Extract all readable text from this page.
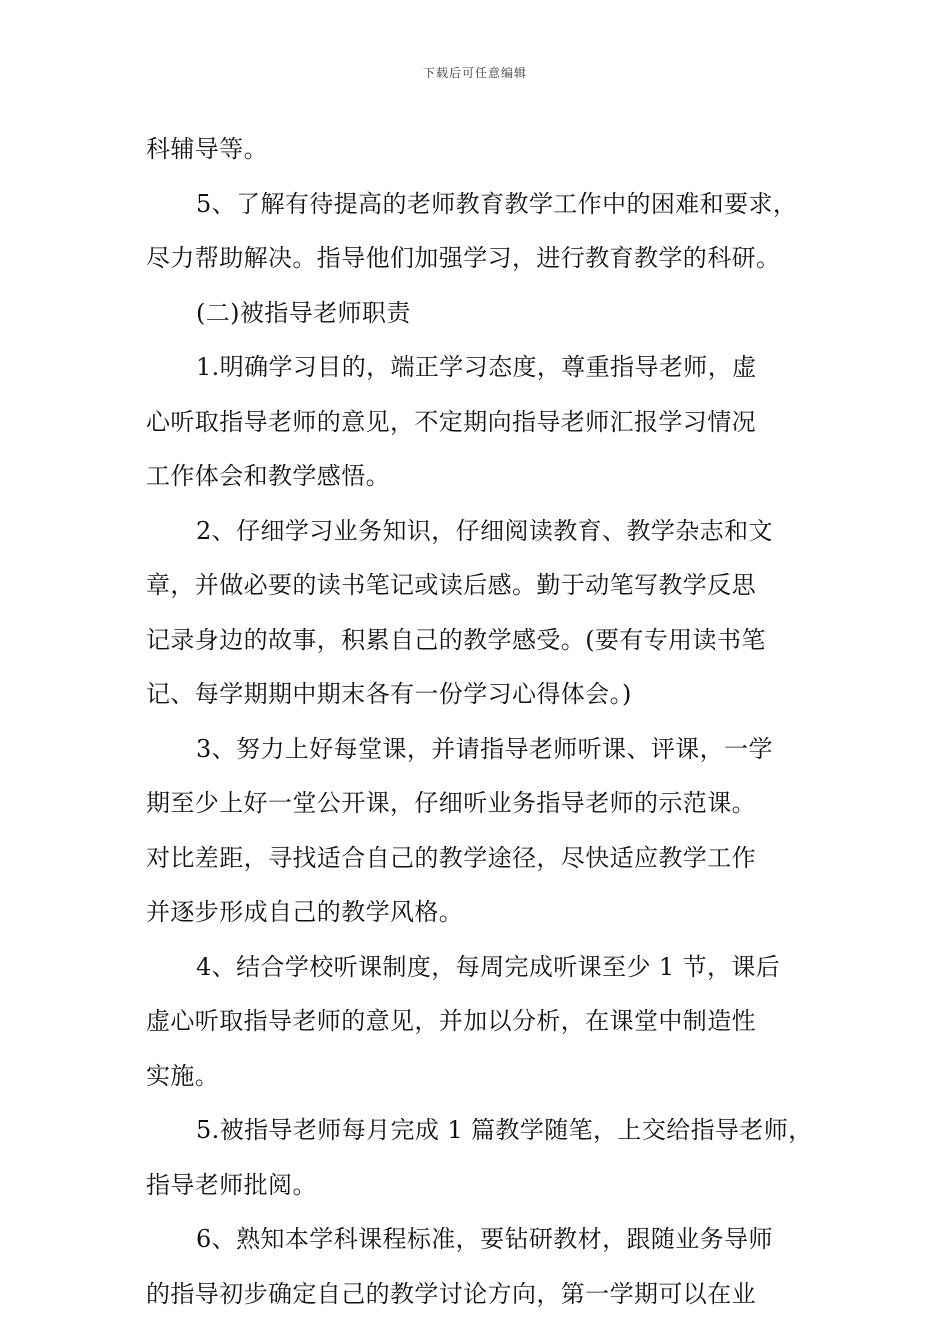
下载后可任意编辑
科辅导等。
5、了解有待提高的老师教育教学工作中的困难和要求，
尽力帮助解决。指导他们加强学习，进行教育教学的科研。
(二)被指导老师职责
1.明确学习目的，端正学习态度，尊重指导老师，虚
心听取指导老师的意见，不定期向指导老师汇报学习情况
工作体会和教学感悟。
2、仔细学习业务知识，仔细阅读教育、教学杂志和文
章，并做必要的读书笔记或读后感。勤于动笔写教学反思
记录身边的故事，积累自己的教学感受。(要有专用读书笔
记、每学期期中期末各有一份学习心得体会。)
3、努力上好每堂课，并请指导老师听课、评课，一学
期至少上好一堂公开课，仔细听业务指导老师的示范课。
对比差距，寻找适合自己的教学途径，尽快适应教学工作
并逐步形成自己的教学风格。
4、结合学校听课制度，每周完成听课至少 1 节，课后
虚心听取指导老师的意见，并加以分析，在课堂中制造性
实施。
5.被指导老师每月完成 1 篇教学随笔，上交给指导老师，
指导老师批阅。
6、熟知本学科课程标准，要钻研教材，跟随业务导师
的指导初步确定自己的教学讨论方向，第一学期可以在业
